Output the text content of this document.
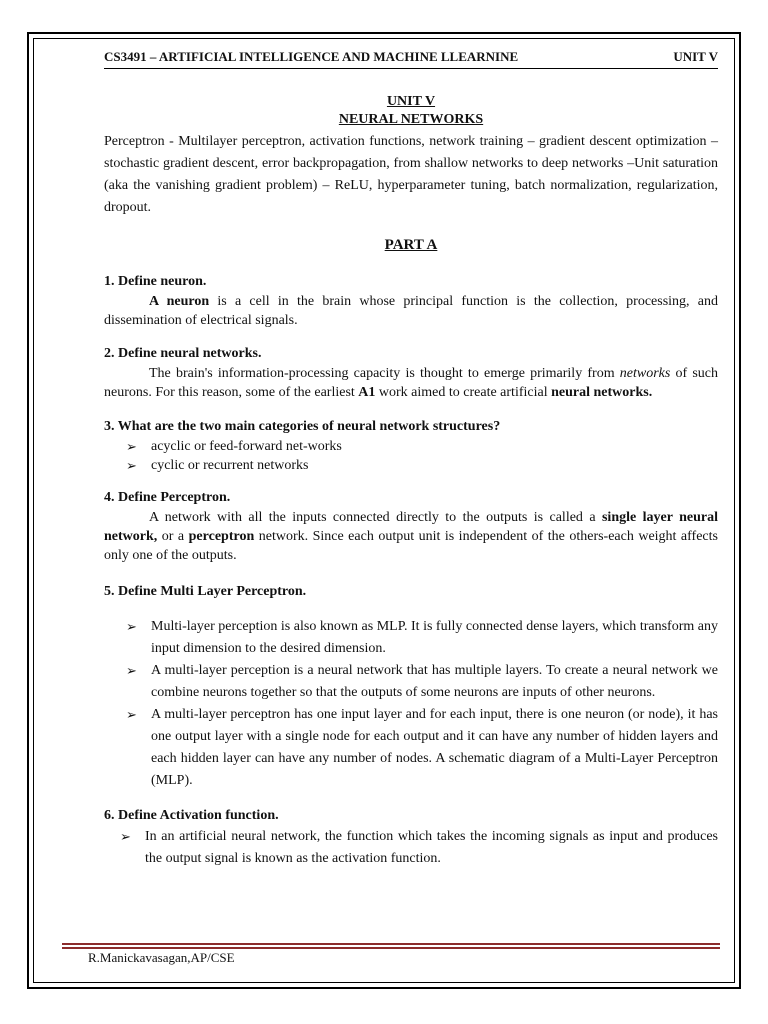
CS3491 – ARTIFICIAL INTELLIGENCE AND MACHINE LLEARNINE	UNIT V
UNIT V
NEURAL NETWORKS

Perceptron - Multilayer perceptron, activation functions, network training – gradient descent optimization – stochastic gradient descent, error backpropagation, from shallow networks to deep networks –Unit saturation (aka the vanishing gradient problem) – ReLU, hyperparameter tuning, batch normalization, regularization, dropout.

PART A
1. Define neuron.

A neuron is a cell in the brain whose principal function is the collection, processing, and dissemination of electrical signals.

2. Define neural networks.

The brain's information-processing capacity is thought to emerge primarily from networks of such neurons. For this reason, some of the earliest A1 work aimed to create artificial neural networks.

3. What are the two main categories of neural network structures?
➢ acyclic or feed-forward net-works
➢ cyclic or recurrent networks
4. Define Perceptron.

A network with all the inputs connected directly to the outputs is called a single layer neural network, or a perceptron network. Since each output unit is independent of the others-each weight affects only one of the outputs.

5. Define Multi Layer Perceptron.
➢ Multi-layer perception is also known as MLP. It is fully connected dense layers, which transform any input dimension to the desired dimension.
➢ A multi-layer perception is a neural network that has multiple layers. To create a neural network we combine neurons together so that the outputs of some neurons are inputs of other neurons.
➢ A multi-layer perceptron has one input layer and for each input, there is one neuron (or node), it has one output layer with a single node for each output and it can have any number of hidden layers and each hidden layer can have any number of nodes. A schematic diagram of a Multi-Layer Perceptron (MLP).
6. Define Activation function.
➢ In an artificial neural network, the function which takes the incoming signals as input and produces the output signal is known as the activation function.
R.Manickavasagan,AP/CSE
